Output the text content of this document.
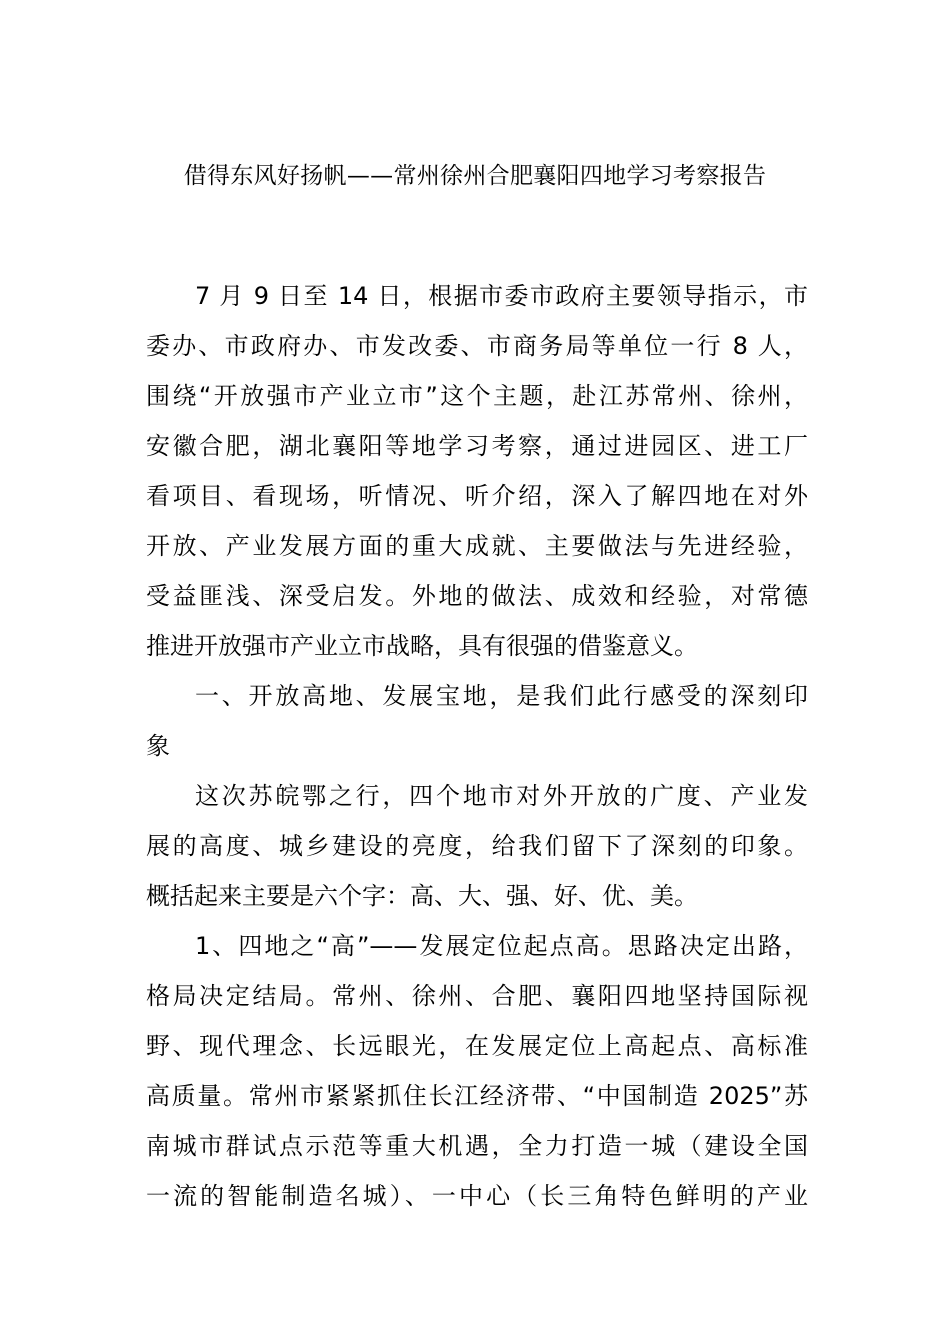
借得东风好扬帆——常州徐州合肥襄阳四地学习考察报告
7 月 9 日至 14 日，根据市委市政府主要领导指示，市
委办、市政府办、市发改委、市商务局等单位一行 8 人，
围绕“开放强市产业立市”这个主题，赴江苏常州、徐州，
安徽合肥，湖北襄阳等地学习考察，通过进园区、进工厂
看项目、看现场，听情况、听介绍，深入了解四地在对外
开放、产业发展方面的重大成就、主要做法与先进经验，
受益匪浅、深受启发。外地的做法、成效和经验，对常德
推进开放强市产业立市战略，具有很强的借鉴意义。
一、开放高地、发展宝地，是我们此行感受的深刻印
象
这次苏皖鄂之行，四个地市对外开放的广度、产业发
展的高度、城乡建设的亮度，给我们留下了深刻的印象。
概括起来主要是六个字：高、大、强、好、优、美。
1、四地之“高”——发展定位起点高。思路决定出路，
格局决定结局。常州、徐州、合肥、襄阳四地坚持国际视
野、现代理念、长远眼光，在发展定位上高起点、高标准
高质量。常州市紧紧抓住长江经济带、“中国制造 2025”苏
南城市群试点示范等重大机遇，全力打造一城（建设全国
一流的智能制造名城）、一中心（长三角特色鲜明的产业
